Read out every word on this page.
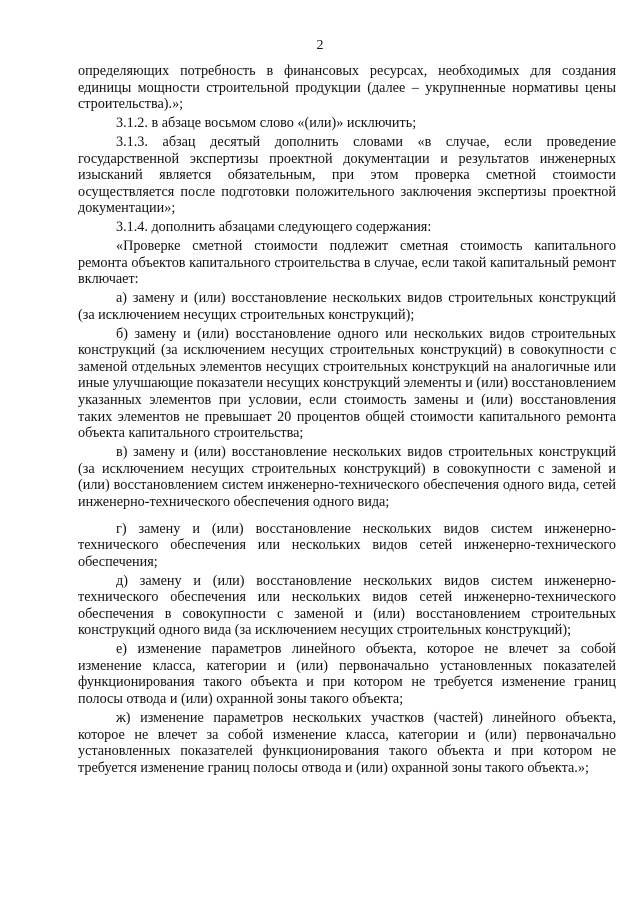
2

определяющих потребность в финансовых ресурсах, необходимых для создания единицы мощности строительной продукции (далее – укрупненные нормативы цены строительства).»;

3.1.2. в абзаце восьмом слово «(или)» исключить;

3.1.3. абзац десятый дополнить словами «в случае, если проведение государственной экспертизы проектной документации и результатов инженерных изысканий является обязательным, при этом проверка сметной стоимости осуществляется после подготовки положительного заключения экспертизы проектной документации»;

3.1.4. дополнить абзацами следующего содержания:

«Проверке сметной стоимости подлежит сметная стоимость капитального ремонта объектов капитального строительства в случае, если такой капитальный ремонт включает:

а) замену и (или) восстановление нескольких видов строительных конструкций (за исключением несущих строительных конструкций);

б) замену и (или) восстановление одного или нескольких видов строительных конструкций (за исключением несущих строительных конструкций) в совокупности с заменой отдельных элементов несущих строительных конструкций на аналогичные или иные улучшающие показатели несущих конструкций элементы и (или) восстановлением указанных элементов при условии, если стоимость замены и (или) восстановления таких элементов не превышает 20 процентов общей стоимости капитального ремонта объекта капитального строительства;

в) замену и (или) восстановление нескольких видов строительных конструкций (за исключением несущих строительных конструкций) в совокупности с заменой и (или) восстановлением систем инженерно-технического обеспечения одного вида, сетей инженерно-технического обеспечения одного вида;

г) замену и (или) восстановление нескольких видов систем инженерно-технического обеспечения или нескольких видов сетей инженерно-технического обеспечения;

д) замену и (или) восстановление нескольких видов систем инженерно-технического обеспечения или нескольких видов сетей инженерно-технического обеспечения в совокупности с заменой и (или) восстановлением строительных конструкций одного вида (за исключением несущих строительных конструкций);

е) изменение параметров линейного объекта, которое не влечет за собой изменение класса, категории и (или) первоначально установленных показателей функционирования такого объекта и при котором не требуется изменение границ полосы отвода и (или) охранной зоны такого объекта;

ж) изменение параметров нескольких участков (частей) линейного объекта, которое не влечет за собой изменение класса, категории и (или) первоначально установленных показателей функционирования такого объекта и при котором не требуется изменение границ полосы отвода и (или) охранной зоны такого объекта.»;
